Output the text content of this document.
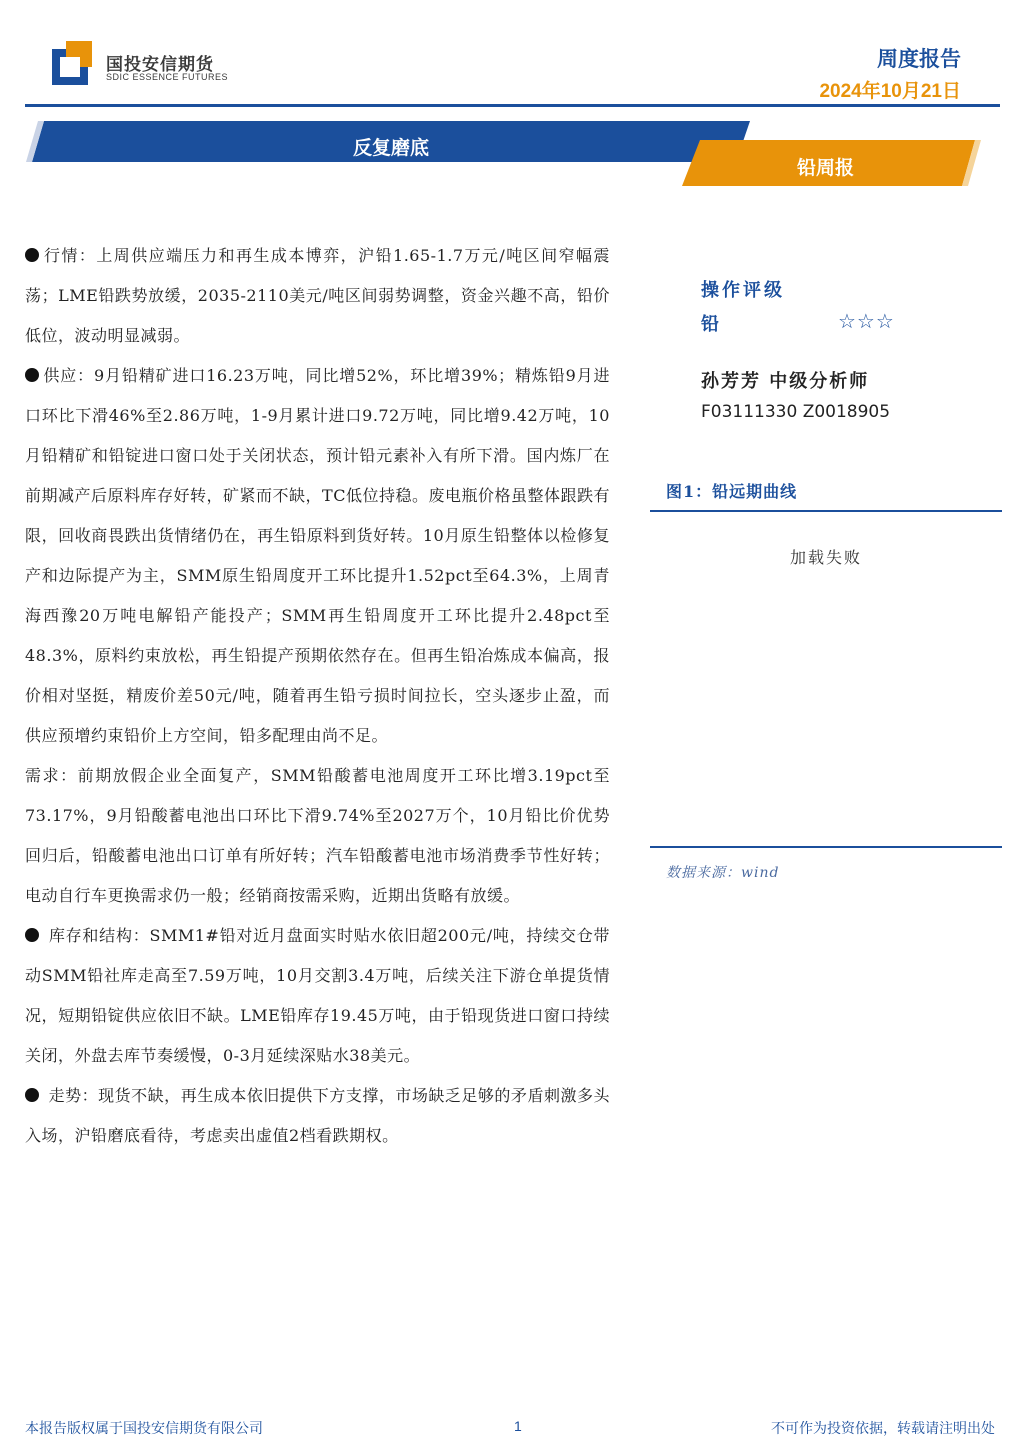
国投安信期货
SDIC ESSENCE FUTURES
周度报告
2024年10月21日
反复磨底
铅周报

行情：上周供应端压力和再生成本博弈，沪铅1.65-1.7万元/吨区间窄幅震荡；LME铅跌势放缓，2035-2110美元/吨区间弱势调整，资金兴趣不高，铅价低位，波动明显减弱。

供应：9月铅精矿进口16.23万吨，同比增52%，环比增39%；精炼铅9月进口环比下滑46%至2.86万吨，1-9月累计进口9.72万吨，同比增9.42万吨，10月铅精矿和铅锭进口窗口处于关闭状态，预计铅元素补入有所下滑。国内炼厂在前期减产后原料库存好转，矿紧而不缺，TC低位持稳。废电瓶价格虽整体跟跌有限，回收商畏跌出货情绪仍在，再生铅原料到货好转。10月原生铅整体以检修复产和边际提产为主，SMM原生铅周度开工环比提升1.52pct至64.3%，上周青海西豫20万吨电解铅产能投产；SMM再生铅周度开工环比提升2.48pct至48.3%，原料约束放松，再生铅提产预期依然存在。但再生铅冶炼成本偏高，报价相对坚挺，精废价差50元/吨，随着再生铅亏损时间拉长，空头逐步止盈，而供应预增约束铅价上方空间，铅多配理由尚不足。

需求：前期放假企业全面复产，SMM铅酸蓄电池周度开工环比增3.19pct至73.17%，9月铅酸蓄电池出口环比下滑9.74%至2027万个，10月铅比价优势回归后，铅酸蓄电池出口订单有所好转；汽车铅酸蓄电池市场消费季节性好转；电动自行车更换需求仍一般；经销商按需采购，近期出货略有放缓。

库存和结构：SMM1#铅对近月盘面实时贴水依旧超200元/吨，持续交仓带动SMM铅社库走高至7.59万吨，10月交割3.4万吨，后续关注下游仓单提货情况，短期铅锭供应依旧不缺。LME铅库存19.45万吨，由于铅现货进口窗口持续关闭，外盘去库节奏缓慢，0-3月延续深贴水38美元。

走势：现货不缺，再生成本依旧提供下方支撑，市场缺乏足够的矛盾刺激多头入场，沪铅磨底看待，考虑卖出虚值2档看跌期权。

操作评级
铅	☆☆☆
孙芳芳 中级分析师
F03111330 Z0018905
图1：铅远期曲线
加载失败
数据来源：wind
本报告版权属于国投安信期货有限公司	1	不可作为投资依据，转载请注明出处
